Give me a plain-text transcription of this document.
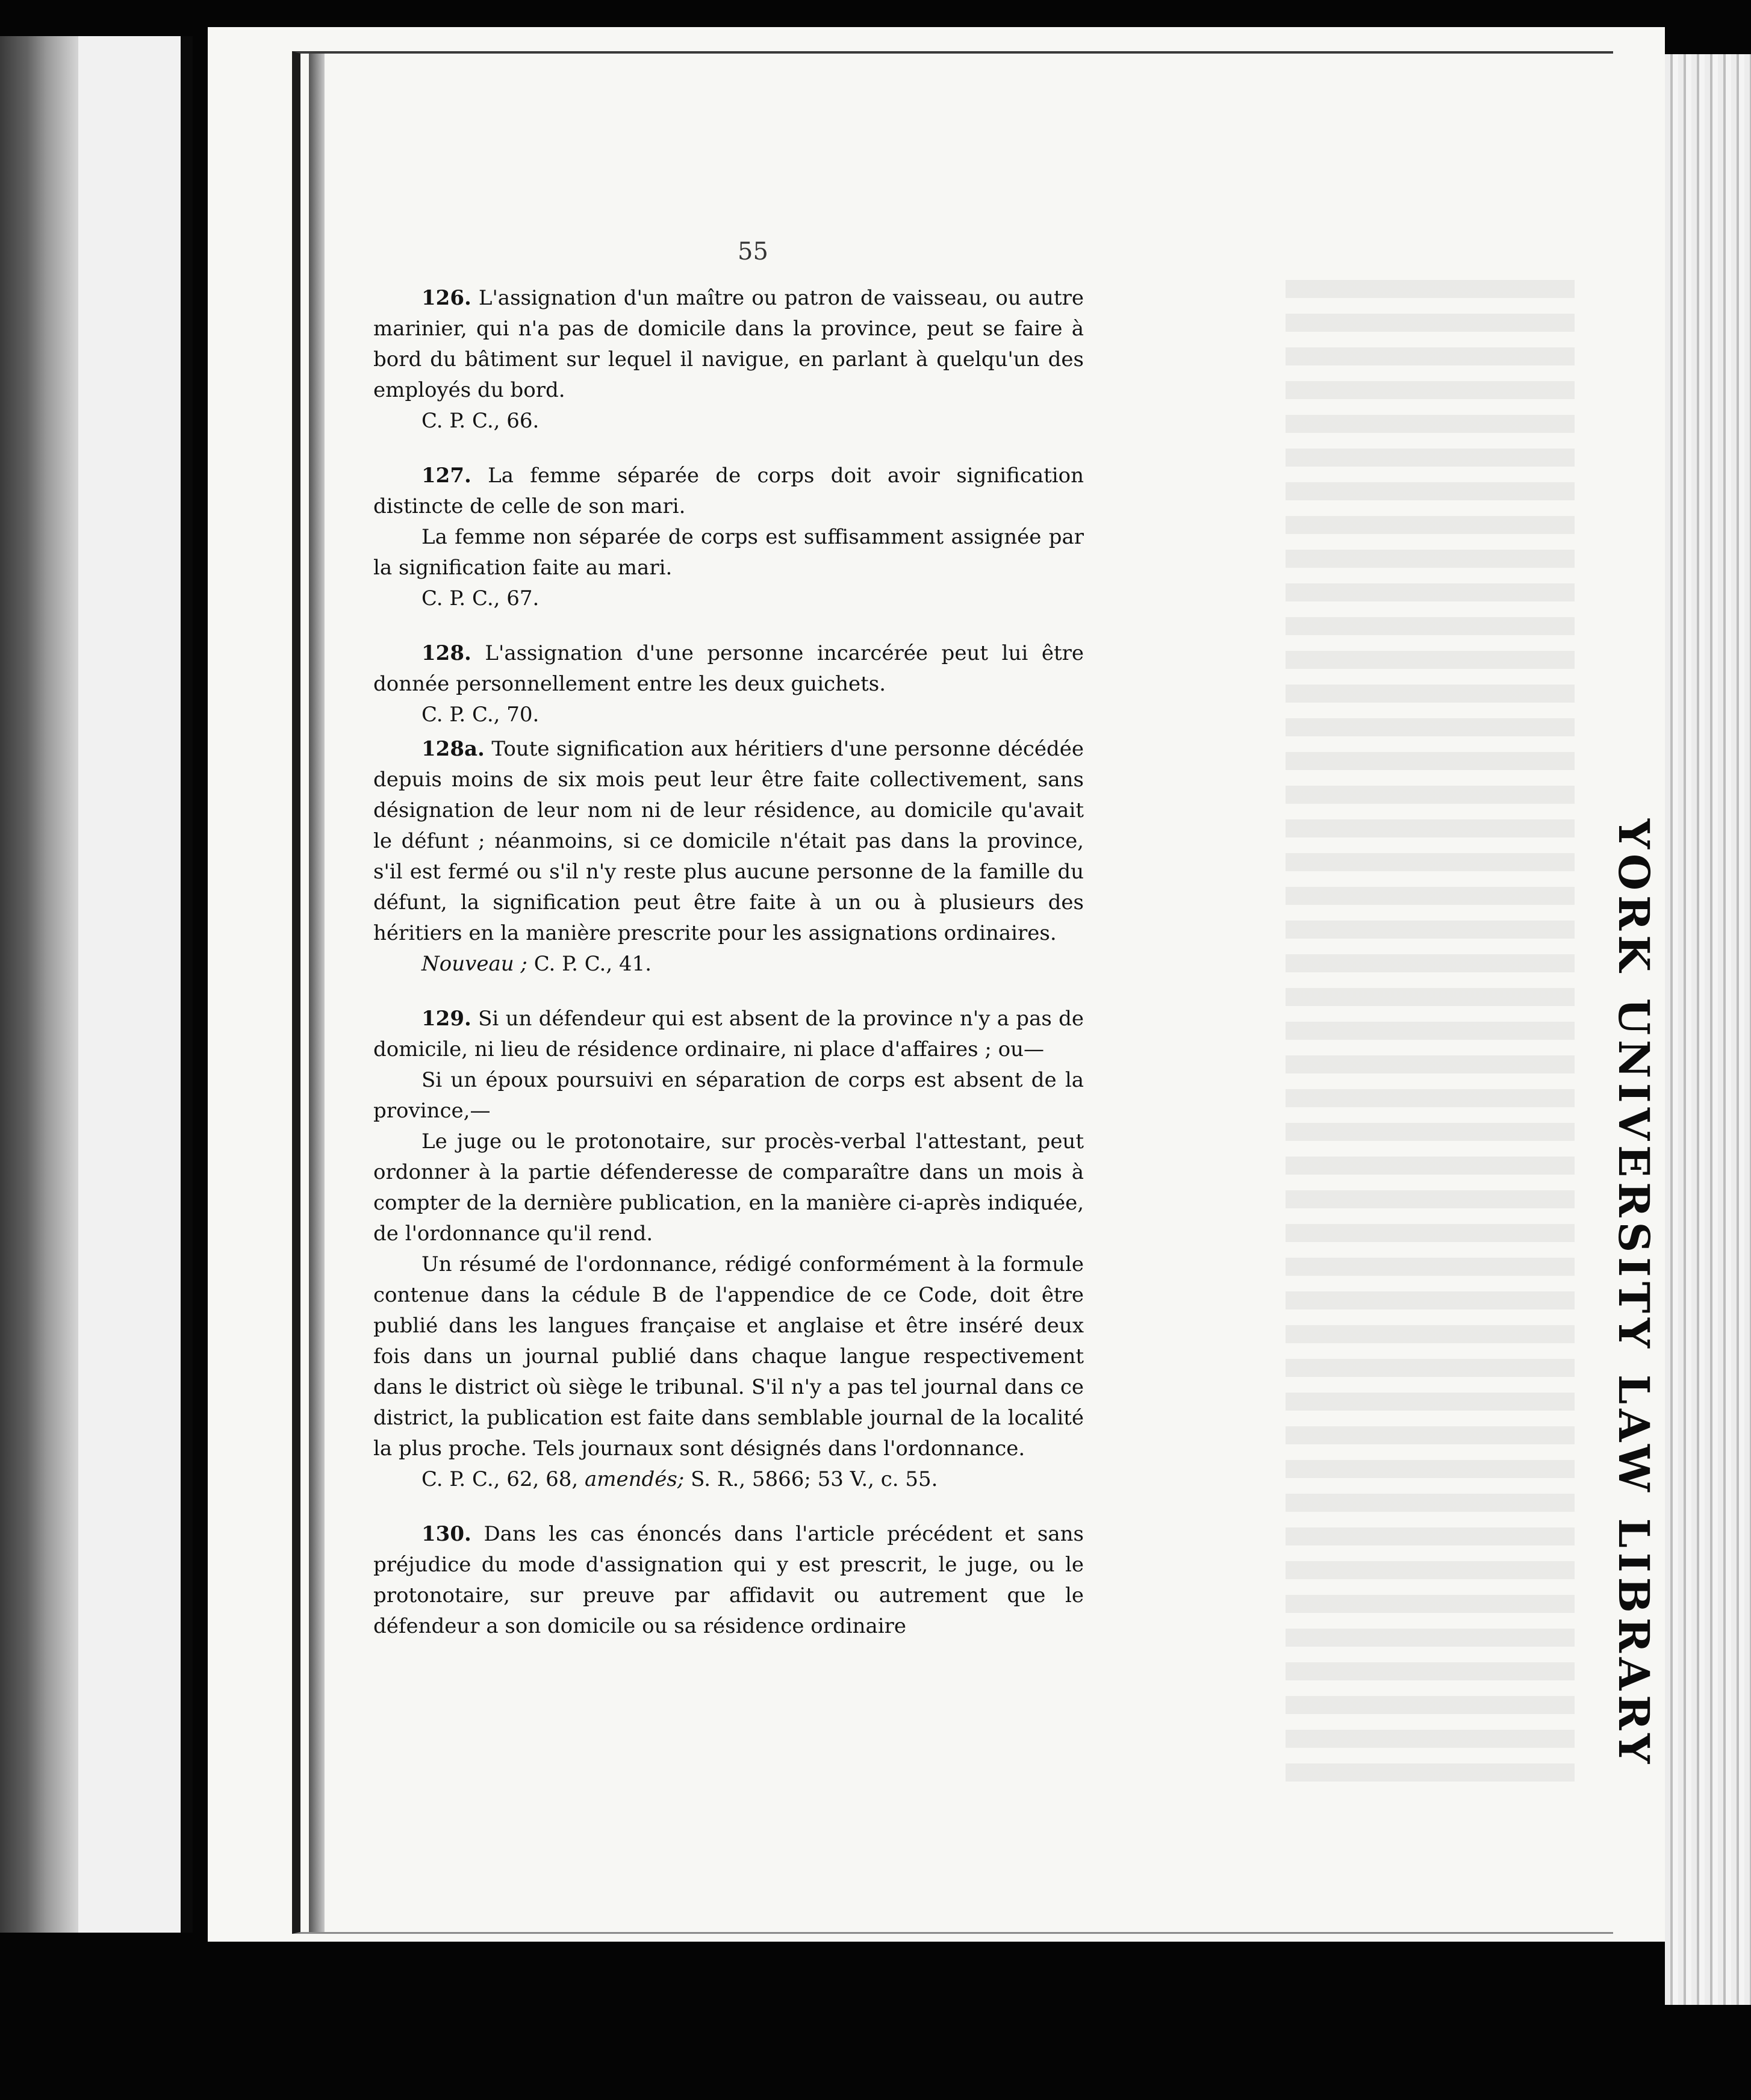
YORKUNIVERSITYLAWLIBRARY
55

126. L'assignation d'un maître ou patron de vaisseau, ou autre marinier, qui n'a pas de domicile dans la province, peut se faire à bord du bâtiment sur lequel il navigue, en parlant à quelqu'un des employés du bord.

C. P. C., 66.

127. La femme séparée de corps doit avoir signification distincte de celle de son mari.

La femme non séparée de corps est suffisamment assignée par la signification faite au mari.

C. P. C., 67.

128. L'assignation d'une personne incarcérée peut lui être donnée personnellement entre les deux guichets.

C. P. C., 70.

128a. Toute signification aux héritiers d'une personne décédée depuis moins de six mois peut leur être faite collectivement, sans désignation de leur nom ni de leur résidence, au domicile qu'avait le défunt ; néanmoins, si ce domicile n'était pas dans la province, s'il est fermé ou s'il n'y reste plus aucune personne de la famille du défunt, la signification peut être faite à un ou à plusieurs des héritiers en la manière prescrite pour les assignations ordinaires.

Nouveau ; C. P. C., 41.

129. Si un défendeur qui est absent de la province n'y a pas de domicile, ni lieu de résidence ordinaire, ni place d'affaires ; ou—

Si un époux poursuivi en séparation de corps est absent de la province,—

Le juge ou le protonotaire, sur procès-verbal l'attestant, peut ordonner à la partie défenderesse de comparaître dans un mois à compter de la dernière publication, en la manière ci-après indiquée, de l'ordonnance qu'il rend.

Un résumé de l'ordonnance, rédigé conformément à la formule contenue dans la cédule B de l'appendice de ce Code, doit être publié dans les langues française et anglaise et être inséré deux fois dans un journal publié dans chaque langue respectivement dans le district où siège le tribunal. S'il n'y a pas tel journal dans ce district, la publication est faite dans semblable journal de la localité la plus proche. Tels journaux sont désignés dans l'ordonnance.

C. P. C., 62, 68, amendés; S. R., 5866; 53 V., c. 55.

130. Dans les cas énoncés dans l'article précédent et sans préjudice du mode d'assignation qui y est prescrit, le juge, ou le protonotaire, sur preuve par affidavit ou autrement que le défendeur a son domicile ou sa résidence ordinaire
